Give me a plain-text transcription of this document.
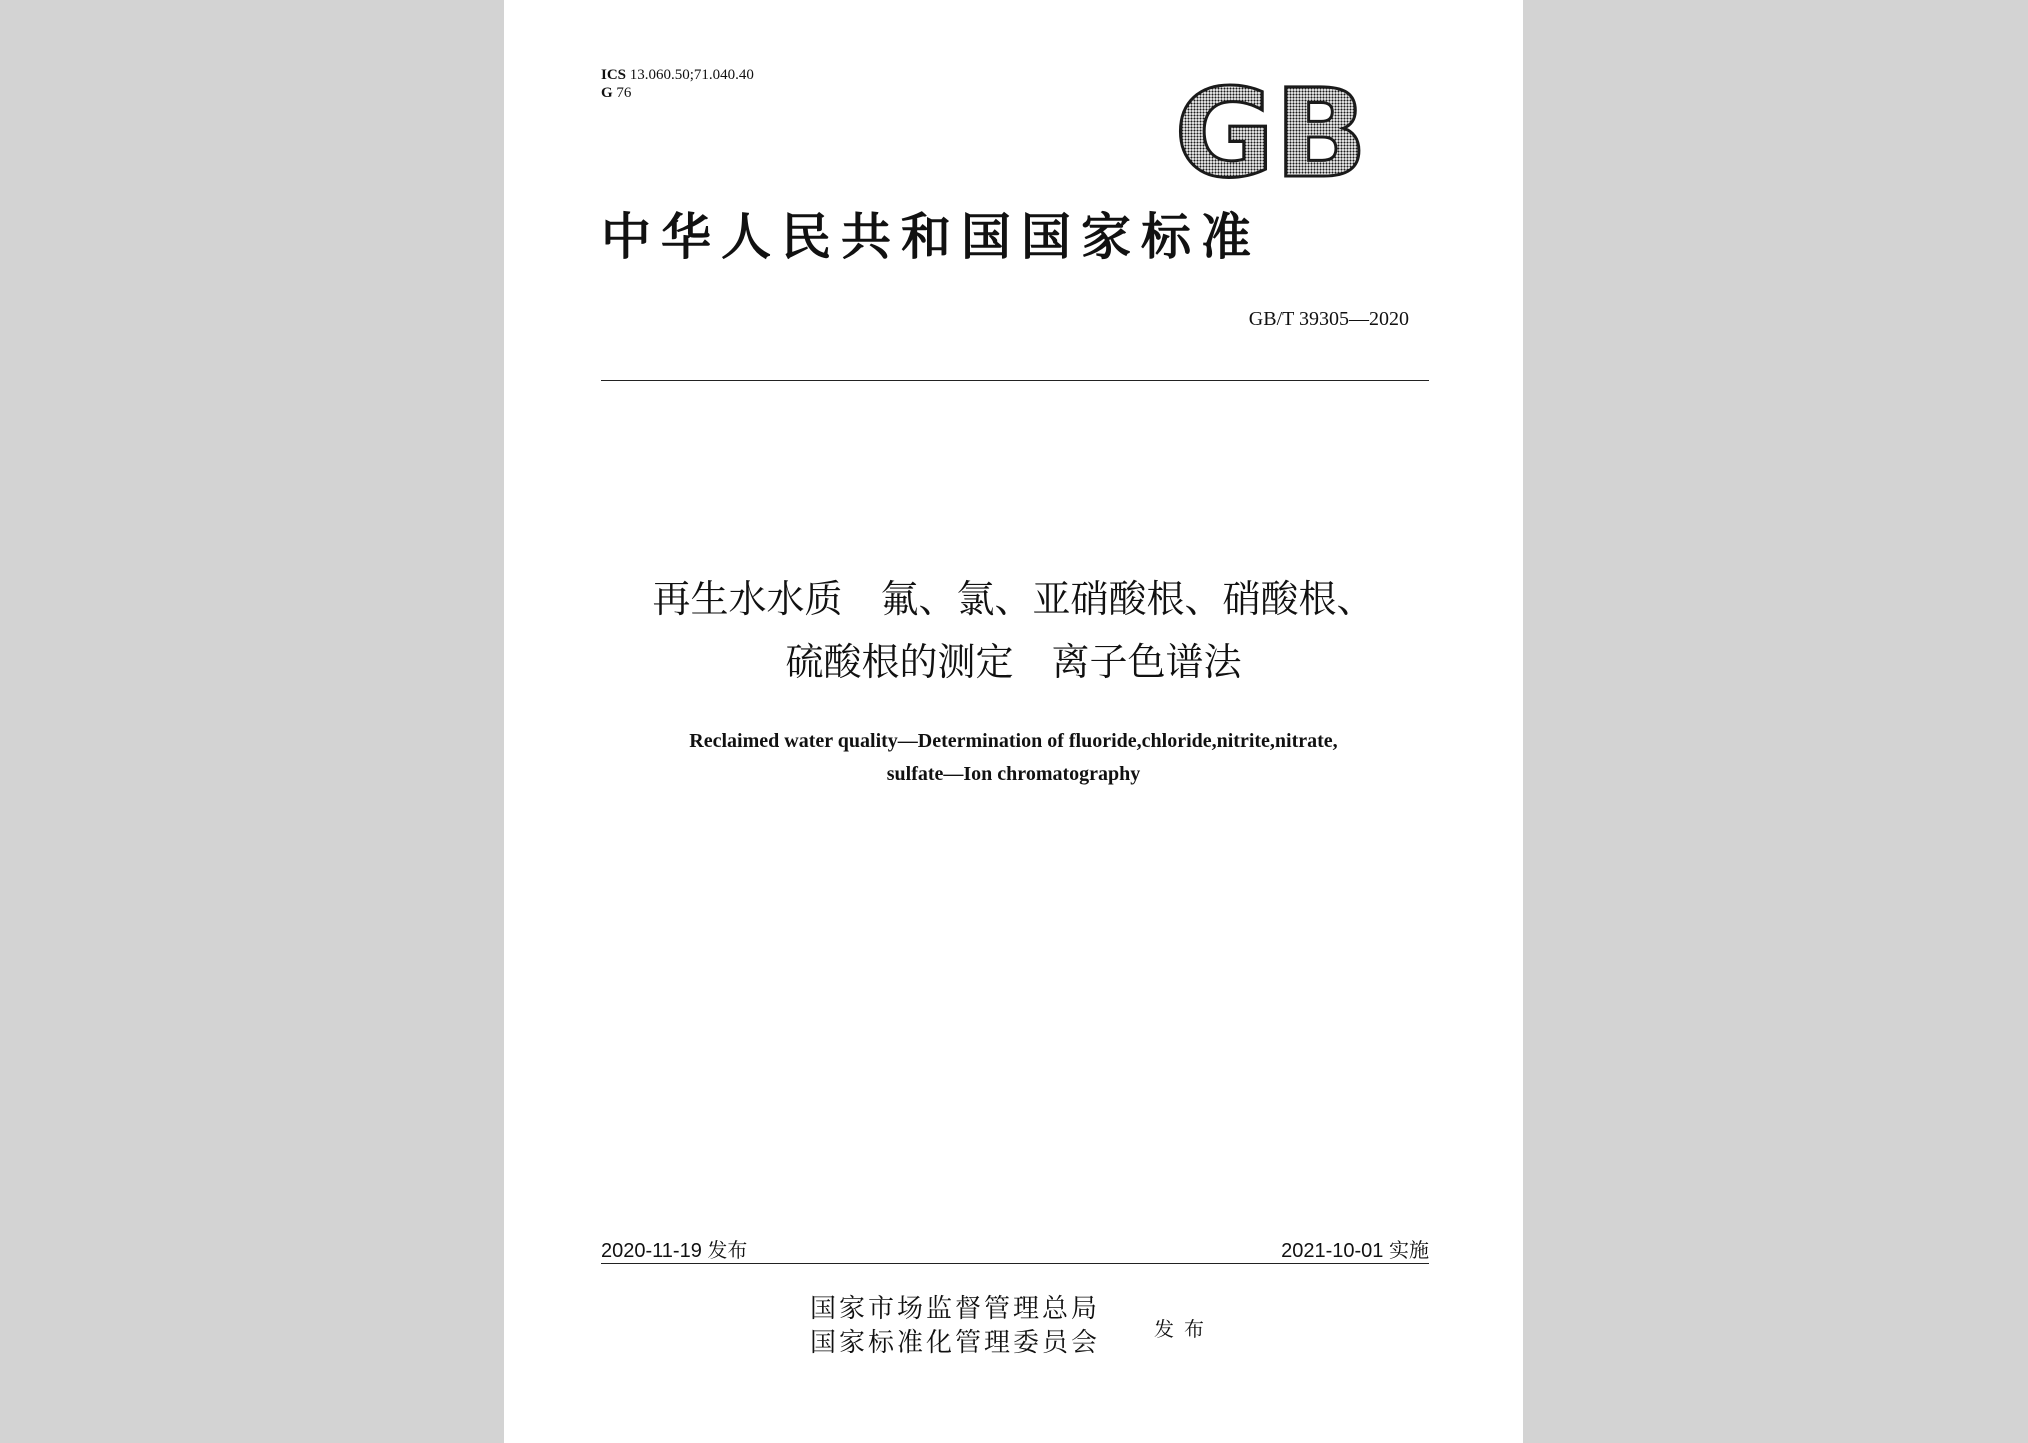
ICS 13.060.50;71.040.40
G 76	GB
中华人民共和国国家标准
GB/T 39305—2020
再生水水质　氟、氯、亚硝酸根、硝酸根、
硫酸根的测定　离子色谱法
Reclaimed water quality—Determination of fluoride,chloride,nitrite,nitrate,
sulfate—Ion chromatography
2020-11-19 发布	2021-10-01 实施
国家市场监督管理总局
国家标准化管理委员会	发布
